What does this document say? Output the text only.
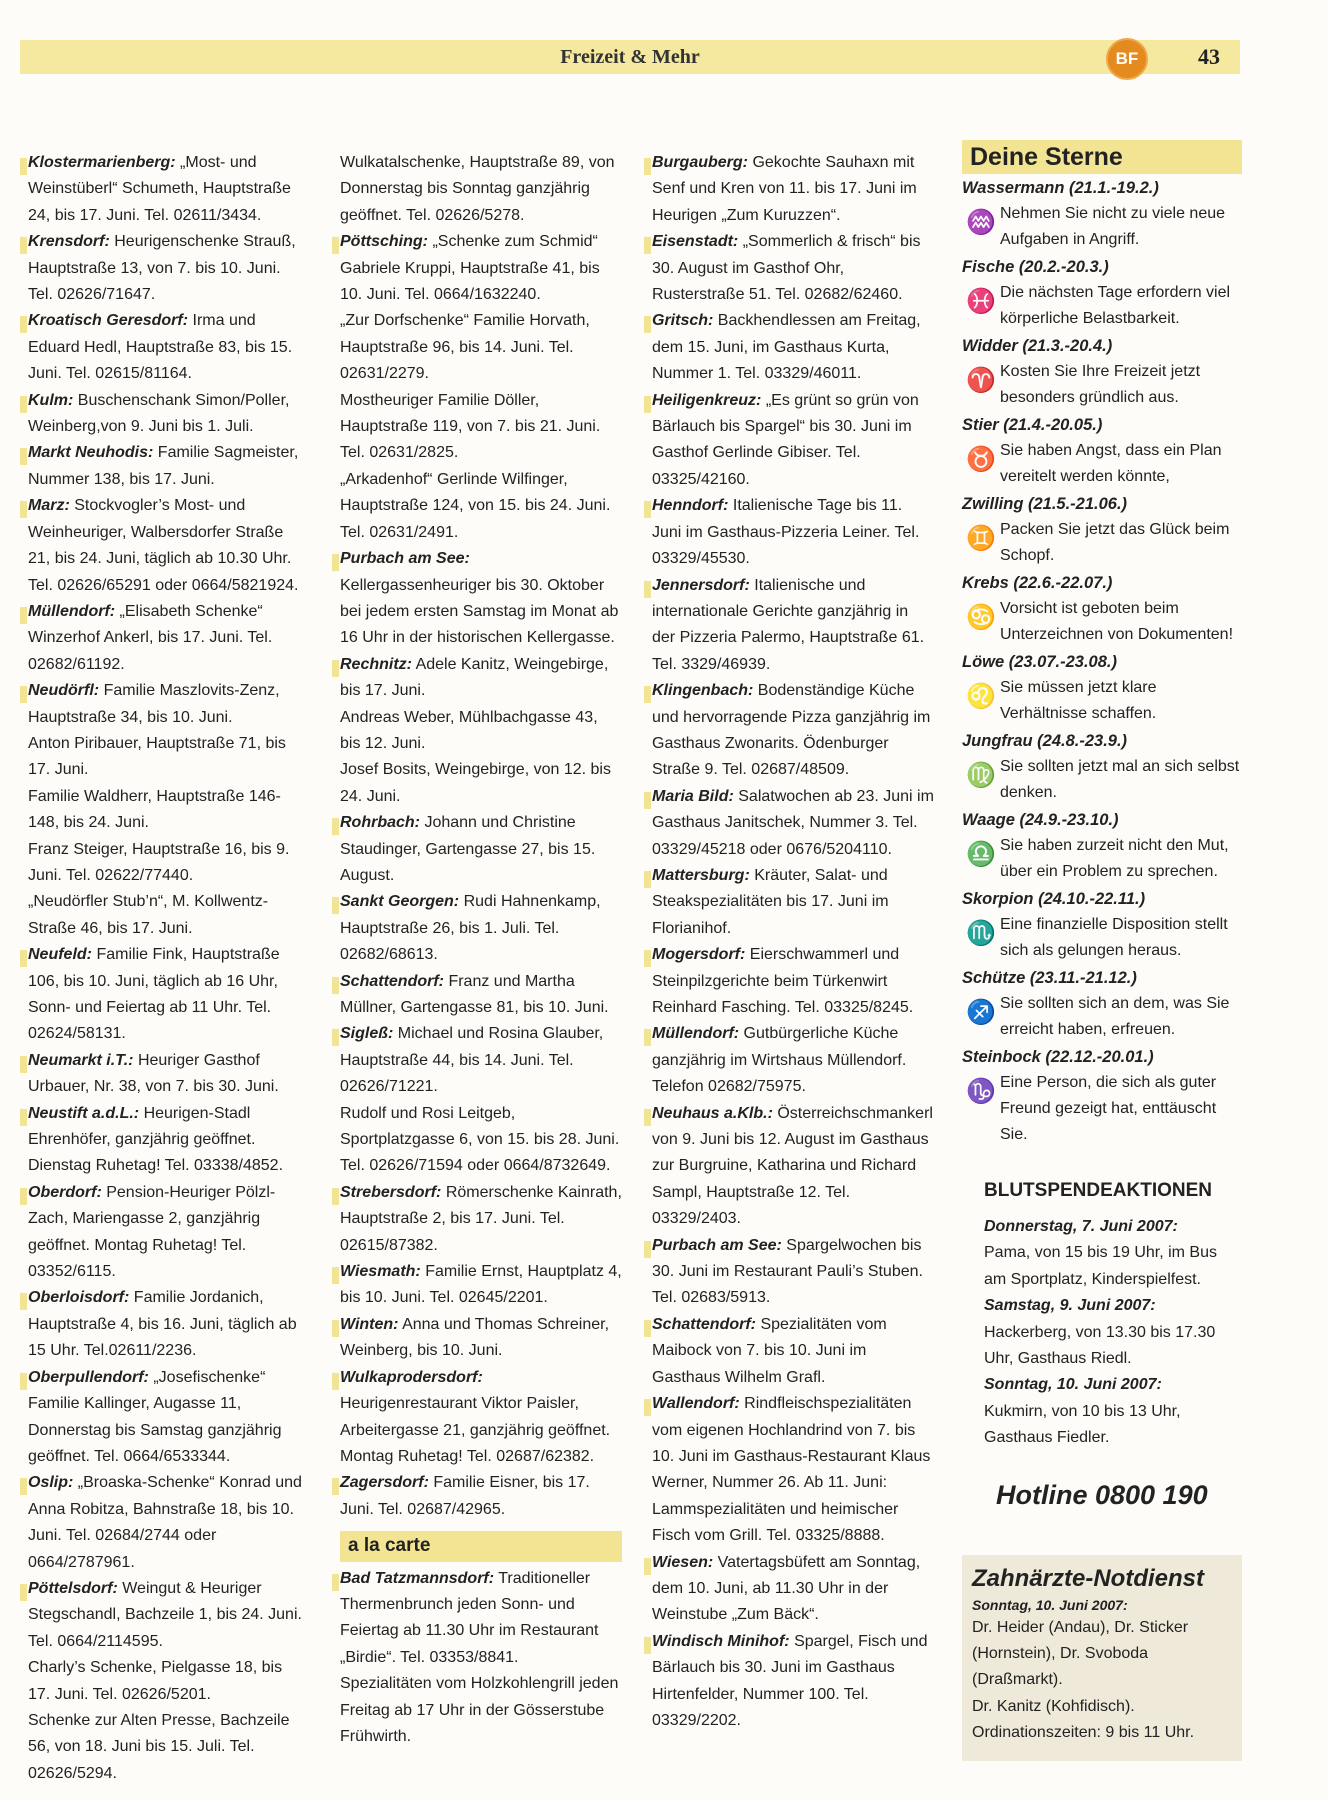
Freizeit & Mehr	BF	43
Klostermarienberg: „Most- und Weinstüberl“ Schumeth, Hauptstraße 24, bis 17. Juni. Tel. 02611/3434.
Krensdorf: Heurigenschenke Strauß, Hauptstraße 13, von 7. bis 10. Juni. Tel. 02626/71647.
Kroatisch Geresdorf: Irma und Eduard Hedl, Hauptstraße 83, bis 15. Juni. Tel. 02615/81164.
Kulm: Buschenschank Simon/Poller, Weinberg,von 9. Juni bis 1. Juli.
Markt Neuhodis: Familie Sagmeister, Nummer 138, bis 17. Juni.
Marz: Stockvogler’s Most- und Weinheuriger, Walbersdorfer Straße 21, bis 24. Juni, täglich ab 10.30 Uhr. Tel. 02626/65291 oder 0664/5821924.
Müllendorf: „Elisabeth Schenke“ Winzerhof Ankerl, bis 17. Juni. Tel. 02682/61192.
Neudörfl: Familie Maszlovits-Zenz, Hauptstraße 34, bis 10. Juni.
Anton Piribauer, Hauptstraße 71, bis 17. Juni.
Familie Waldherr, Hauptstraße 146-148, bis 24. Juni.
Franz Steiger, Hauptstraße 16, bis 9. Juni. Tel. 02622/77440.
„Neudörfler Stub’n“, M. Kollwentz-Straße 46, bis 17. Juni.
Neufeld: Familie Fink, Hauptstraße 106, bis 10. Juni, täglich ab 16 Uhr, Sonn- und Feiertag ab 11 Uhr. Tel. 02624/58131.
Neumarkt i.T.: Heuriger Gasthof Urbauer, Nr. 38, von 7. bis 30. Juni.
Neustift a.d.L.: Heurigen-Stadl Ehrenhöfer, ganzjährig geöffnet. Dienstag Ruhetag! Tel. 03338/4852.
Oberdorf: Pension-Heuriger Pölzl-Zach, Mariengasse 2, ganzjährig geöffnet. Montag Ruhetag! Tel. 03352/6115.
Oberloisdorf: Familie Jordanich, Hauptstraße 4, bis 16. Juni, täglich ab 15 Uhr. Tel.02611/2236.
Oberpullendorf: „Josefischenke“ Familie Kallinger, Augasse 11, Donnerstag bis Samstag ganzjährig geöffnet. Tel. 0664/6533344.
Oslip: „Broaska-Schenke“ Konrad und Anna Robitza, Bahnstraße 18, bis 10. Juni. Tel. 02684/2744 oder 0664/2787961.
Pöttelsdorf: Weingut & Heuriger Stegschandl, Bachzeile 1, bis 24. Juni. Tel. 0664/2114595.
Charly’s Schenke, Pielgasse 18, bis 17. Juni. Tel. 02626/5201.
Schenke zur Alten Presse, Bachzeile 56, von 18. Juni bis 15. Juli. Tel. 02626/5294.
Wulkatalschenke, Hauptstraße 89, von Donnerstag bis Sonntag ganzjährig geöffnet. Tel. 02626/5278.
Pöttsching: „Schenke zum Schmid“ Gabriele Kruppi, Hauptstraße 41, bis 10. Juni. Tel. 0664/1632240.
„Zur Dorfschenke“ Familie Horvath, Hauptstraße 96, bis 14. Juni. Tel. 02631/2279.
Mostheuriger Familie Döller, Hauptstraße 119, von 7. bis 21. Juni. Tel. 02631/2825.
„Arkadenhof“ Gerlinde Wilfinger, Hauptstraße 124, von 15. bis 24. Juni. Tel. 02631/2491.
Purbach am See: Kellergassenheuriger bis 30. Oktober bei jedem ersten Samstag im Monat ab 16 Uhr in der historischen Kellergasse.
Rechnitz: Adele Kanitz, Weingebirge, bis 17. Juni.
Andreas Weber, Mühlbachgasse 43, bis 12. Juni.
Josef Bosits, Weingebirge, von 12. bis 24. Juni.
Rohrbach: Johann und Christine Staudinger, Gartengasse 27, bis 15. August.
Sankt Georgen: Rudi Hahnenkamp, Hauptstraße 26, bis 1. Juli. Tel. 02682/68613.
Schattendorf: Franz und Martha Müllner, Gartengasse 81, bis 10. Juni.
Sigleß: Michael und Rosina Glauber, Hauptstraße 44, bis 14. Juni. Tel. 02626/71221.
Rudolf und Rosi Leitgeb, Sportplatzgasse 6, von 15. bis 28. Juni. Tel. 02626/71594 oder 0664/8732649.
Strebersdorf: Römerschenke Kainrath, Hauptstraße 2, bis 17. Juni. Tel. 02615/87382.
Wiesmath: Familie Ernst, Hauptplatz 4, bis 10. Juni. Tel. 02645/2201.
Winten: Anna und Thomas Schreiner, Weinberg, bis 10. Juni.
Wulkaprodersdorf: Heurigenrestaurant Viktor Paisler, Arbeitergasse 21, ganzjährig geöffnet. Montag Ruhetag! Tel. 02687/62382.
Zagersdorf: Familie Eisner, bis 17. Juni. Tel. 02687/42965.
a la carte
Bad Tatzmannsdorf: Traditioneller Thermenbrunch jeden Sonn- und Feiertag ab 11.30 Uhr im Restaurant „Birdie“. Tel. 03353/8841.
Spezialitäten vom Holzkohlengrill jeden Freitag ab 17 Uhr in der Gösserstube Frühwirth.
Burgauberg: Gekochte Sauhaxn mit Senf und Kren von 11. bis 17. Juni im Heurigen „Zum Kuruzzen“.
Eisenstadt: „Sommerlich & frisch“ bis 30. August im Gasthof Ohr, Rusterstraße 51. Tel. 02682/62460.
Gritsch: Backhendlessen am Freitag, dem 15. Juni, im Gasthaus Kurta, Nummer 1. Tel. 03329/46011.
Heiligenkreuz: „Es grünt so grün von Bärlauch bis Spargel“ bis 30. Juni im Gasthof Gerlinde Gibiser. Tel. 03325/42160.
Henndorf: Italienische Tage bis 11. Juni im Gasthaus-Pizzeria Leiner. Tel. 03329/45530.
Jennersdorf: Italienische und internationale Gerichte ganzjährig in der Pizzeria Palermo, Hauptstraße 61. Tel. 3329/46939.
Klingenbach: Bodenständige Küche und hervorragende Pizza ganzjährig im Gasthaus Zwonarits. Ödenburger Straße 9. Tel. 02687/48509.
Maria Bild: Salatwochen ab 23. Juni im Gasthaus Janitschek, Nummer 3. Tel. 03329/45218 oder 0676/5204110.
Mattersburg: Kräuter, Salat- und Steakspezialitäten bis 17. Juni im Florianihof.
Mogersdorf: Eierschwammerl und Steinpilzgerichte beim Türkenwirt Reinhard Fasching. Tel. 03325/8245.
Müllendorf: Gutbürgerliche Küche ganzjährig im Wirtshaus Müllendorf. Telefon 02682/75975.
Neuhaus a.Klb.: Österreichschmankerl von 9. Juni bis 12. August im Gasthaus zur Burgruine, Katharina und Richard Sampl, Hauptstraße 12. Tel. 03329/2403.
Purbach am See: Spargelwochen bis 30. Juni im Restaurant Pauli’s Stuben. Tel. 02683/5913.
Schattendorf: Spezialitäten vom Maibock von 7. bis 10. Juni im Gasthaus Wilhelm Grafl.
Wallendorf: Rindfleischspezialitäten vom eigenen Hochlandrind von 7. bis 10. Juni im Gasthaus-Restaurant Klaus Werner, Nummer 26. Ab 11. Juni: Lammspezialitäten und heimischer Fisch vom Grill. Tel. 03325/8888.
Wiesen: Vatertagsbüfett am Sonntag, dem 10. Juni, ab 11.30 Uhr in der Weinstube „Zum Bäck“.
Windisch Minihof: Spargel, Fisch und Bärlauch bis 30. Juni im Gasthaus Hirtenfelder, Nummer 100. Tel. 03329/2202.
Deine Sterne
Wassermann (21.1.-19.2.)
♒ Nehmen Sie nicht zu viele neue Aufgaben in Angriff.
Fische (20.2.-20.3.)
♓ Die nächsten Tage erfordern viel körperliche Belastbarkeit.
Widder (21.3.-20.4.)
♈ Kosten Sie Ihre Freizeit jetzt besonders gründlich aus.
Stier (21.4.-20.05.)
♉ Sie haben Angst, dass ein Plan vereitelt werden könnte,
Zwilling (21.5.-21.06.)
♊ Packen Sie jetzt das Glück beim Schopf.
Krebs (22.6.-22.07.)
♋ Vorsicht ist geboten beim Unterzeichnen von Dokumenten!
Löwe (23.07.-23.08.)
♌ Sie müssen jetzt klare Verhältnisse schaffen.
Jungfrau (24.8.-23.9.)
♍ Sie sollten jetzt mal an sich selbst denken.
Waage (24.9.-23.10.)
♎ Sie haben zurzeit nicht den Mut, über ein Problem zu sprechen.
Skorpion (24.10.-22.11.)
♏ Eine finanzielle Disposition stellt sich als gelungen heraus.
Schütze (23.11.-21.12.)
♐ Sie sollten sich an dem, was Sie erreicht haben, erfreuen.
Steinbock (22.12.-20.01.)
♑ Eine Person, die sich als guter Freund gezeigt hat, enttäuscht Sie.
BLUTSPENDEAKTIONEN
Donnerstag, 7. Juni 2007:
Pama, von 15 bis 19 Uhr, im Bus am Sportplatz, Kinderspielfest.
Samstag, 9. Juni 2007:
Hackerberg, von 13.30 bis 17.30 Uhr, Gasthaus Riedl.
Sonntag, 10. Juni 2007:
Kukmirn, von 10 bis 13 Uhr, Gasthaus Fiedler.
Hotline 0800 190
Zahnärzte-Notdienst
Sonntag, 10. Juni 2007:
Dr. Heider (Andau), Dr. Sticker (Hornstein), Dr. Svoboda (Draßmarkt).
Dr. Kanitz (Kohfidisch).
Ordinationszeiten: 9 bis 11 Uhr.
